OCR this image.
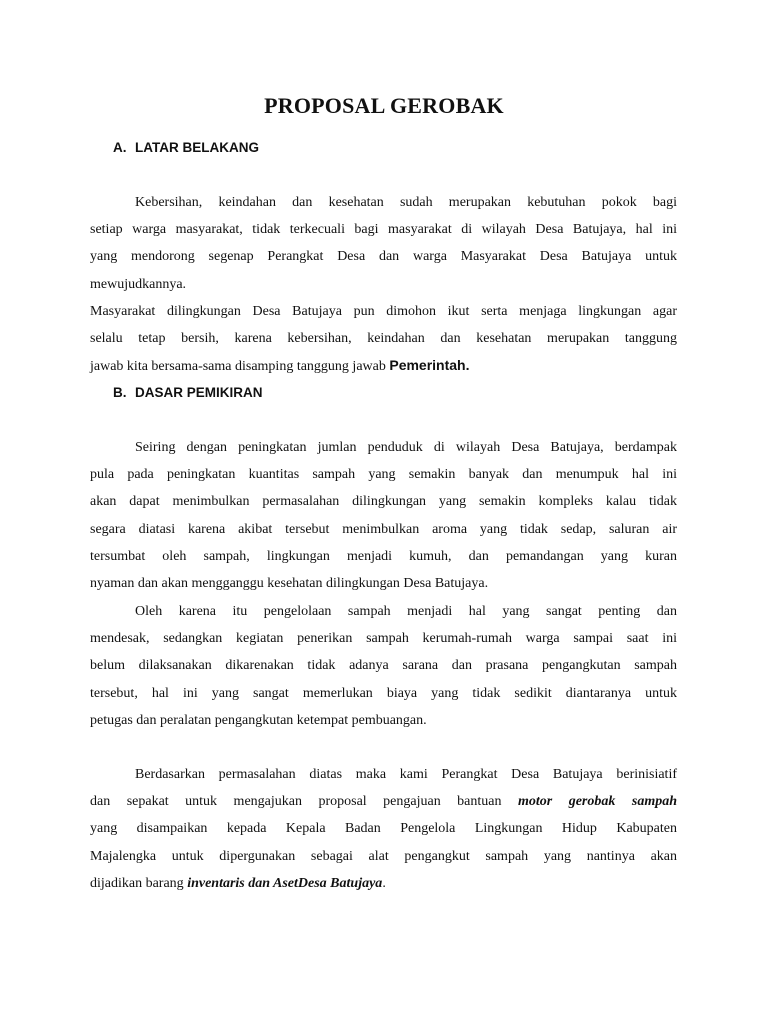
PROPOSAL GEROBAK
A. LATAR BELAKANG
Kebersihan, keindahan dan kesehatan sudah merupakan kebutuhan pokok bagi
setiap warga masyarakat, tidak terkecuali bagi masyarakat di wilayah Desa Batujaya, hal ini
yang mendorong segenap Perangkat Desa dan warga Masyarakat Desa Batujaya untuk
mewujudkannya.
Masyarakat dilingkungan Desa Batujaya pun dimohon ikut serta menjaga lingkungan agar
selalu tetap bersih, karena kebersihan, keindahan dan kesehatan merupakan tanggung
jawab kita bersama-sama disamping tanggung jawab Pemerintah.
B. DASAR PEMIKIRAN
Seiring dengan peningkatan jumlan penduduk di wilayah Desa Batujaya, berdampak
pula pada peningkatan kuantitas sampah yang semakin banyak dan menumpuk hal ini
akan dapat menimbulkan permasalahan dilingkungan yang semakin kompleks kalau tidak
segara diatasi karena akibat tersebut menimbulkan aroma yang tidak sedap, saluran air
tersumbat oleh sampah, lingkungan menjadi kumuh, dan pemandangan yang kuran
nyaman dan akan mengganggu kesehatan dilingkungan Desa Batujaya.
Oleh karena itu pengelolaan sampah menjadi hal yang sangat penting dan
mendesak, sedangkan kegiatan penerikan sampah kerumah-rumah warga sampai saat ini
belum dilaksanakan dikarenakan tidak adanya sarana dan prasana pengangkutan sampah
tersebut, hal ini yang sangat memerlukan biaya yang tidak sedikit diantaranya untuk
petugas dan peralatan pengangkutan ketempat pembuangan.
Berdasarkan permasalahan diatas maka kami Perangkat Desa Batujaya berinisiatif
dan sepakat untuk mengajukan proposal pengajuan bantuan motor gerobak sampah
yang disampaikan kepada Kepala Badan Pengelola Lingkungan Hidup Kabupaten
Majalengka untuk dipergunakan sebagai alat pengangkut sampah yang nantinya akan
dijadikan barang inventaris dan AsetDesa Batujaya.
